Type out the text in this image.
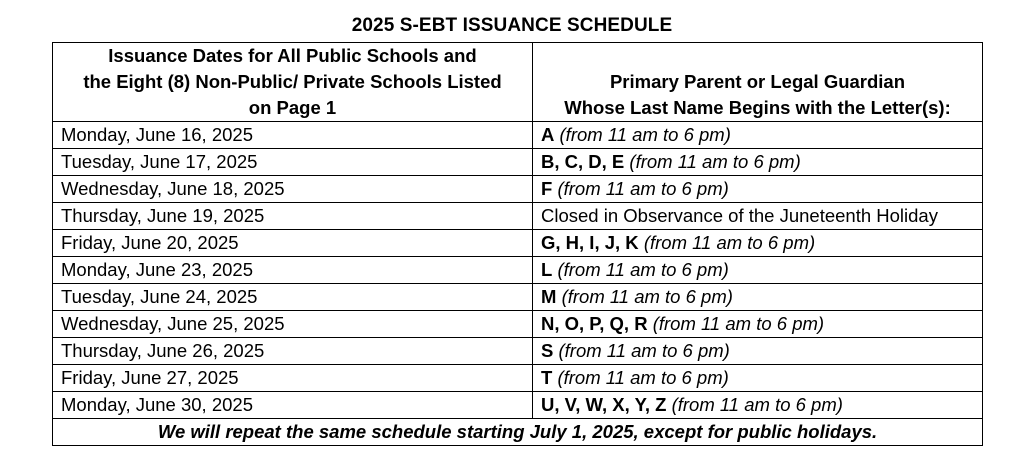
2025 S-EBT ISSUANCE SCHEDULE
Issuance Dates for All Public Schools and
the Eight (8) Non-Public/ Private Schools Listed
on Page 1	Primary Parent or Legal Guardian
Whose Last Name Begins with the Letter(s):

Monday, June 16, 2025	A (from 11 am to 6 pm)
Tuesday, June 17, 2025	B, C, D, E (from 11 am to 6 pm)
Wednesday, June 18, 2025	F (from 11 am to 6 pm)
Thursday, June 19, 2025	Closed in Observance of the Juneteenth Holiday
Friday, June 20, 2025	G, H, I, J, K (from 11 am to 6 pm)
Monday, June 23, 2025	L (from 11 am to 6 pm)
Tuesday, June 24, 2025	M (from 11 am to 6 pm)
Wednesday, June 25, 2025	N, O, P, Q, R (from 11 am to 6 pm)
Thursday, June 26, 2025	S (from 11 am to 6 pm)
Friday, June 27, 2025	T (from 11 am to 6 pm)
Monday, June 30, 2025	U, V, W, X, Y, Z (from 11 am to 6 pm)
We will repeat the same schedule starting July 1, 2025, except for public holidays.	
